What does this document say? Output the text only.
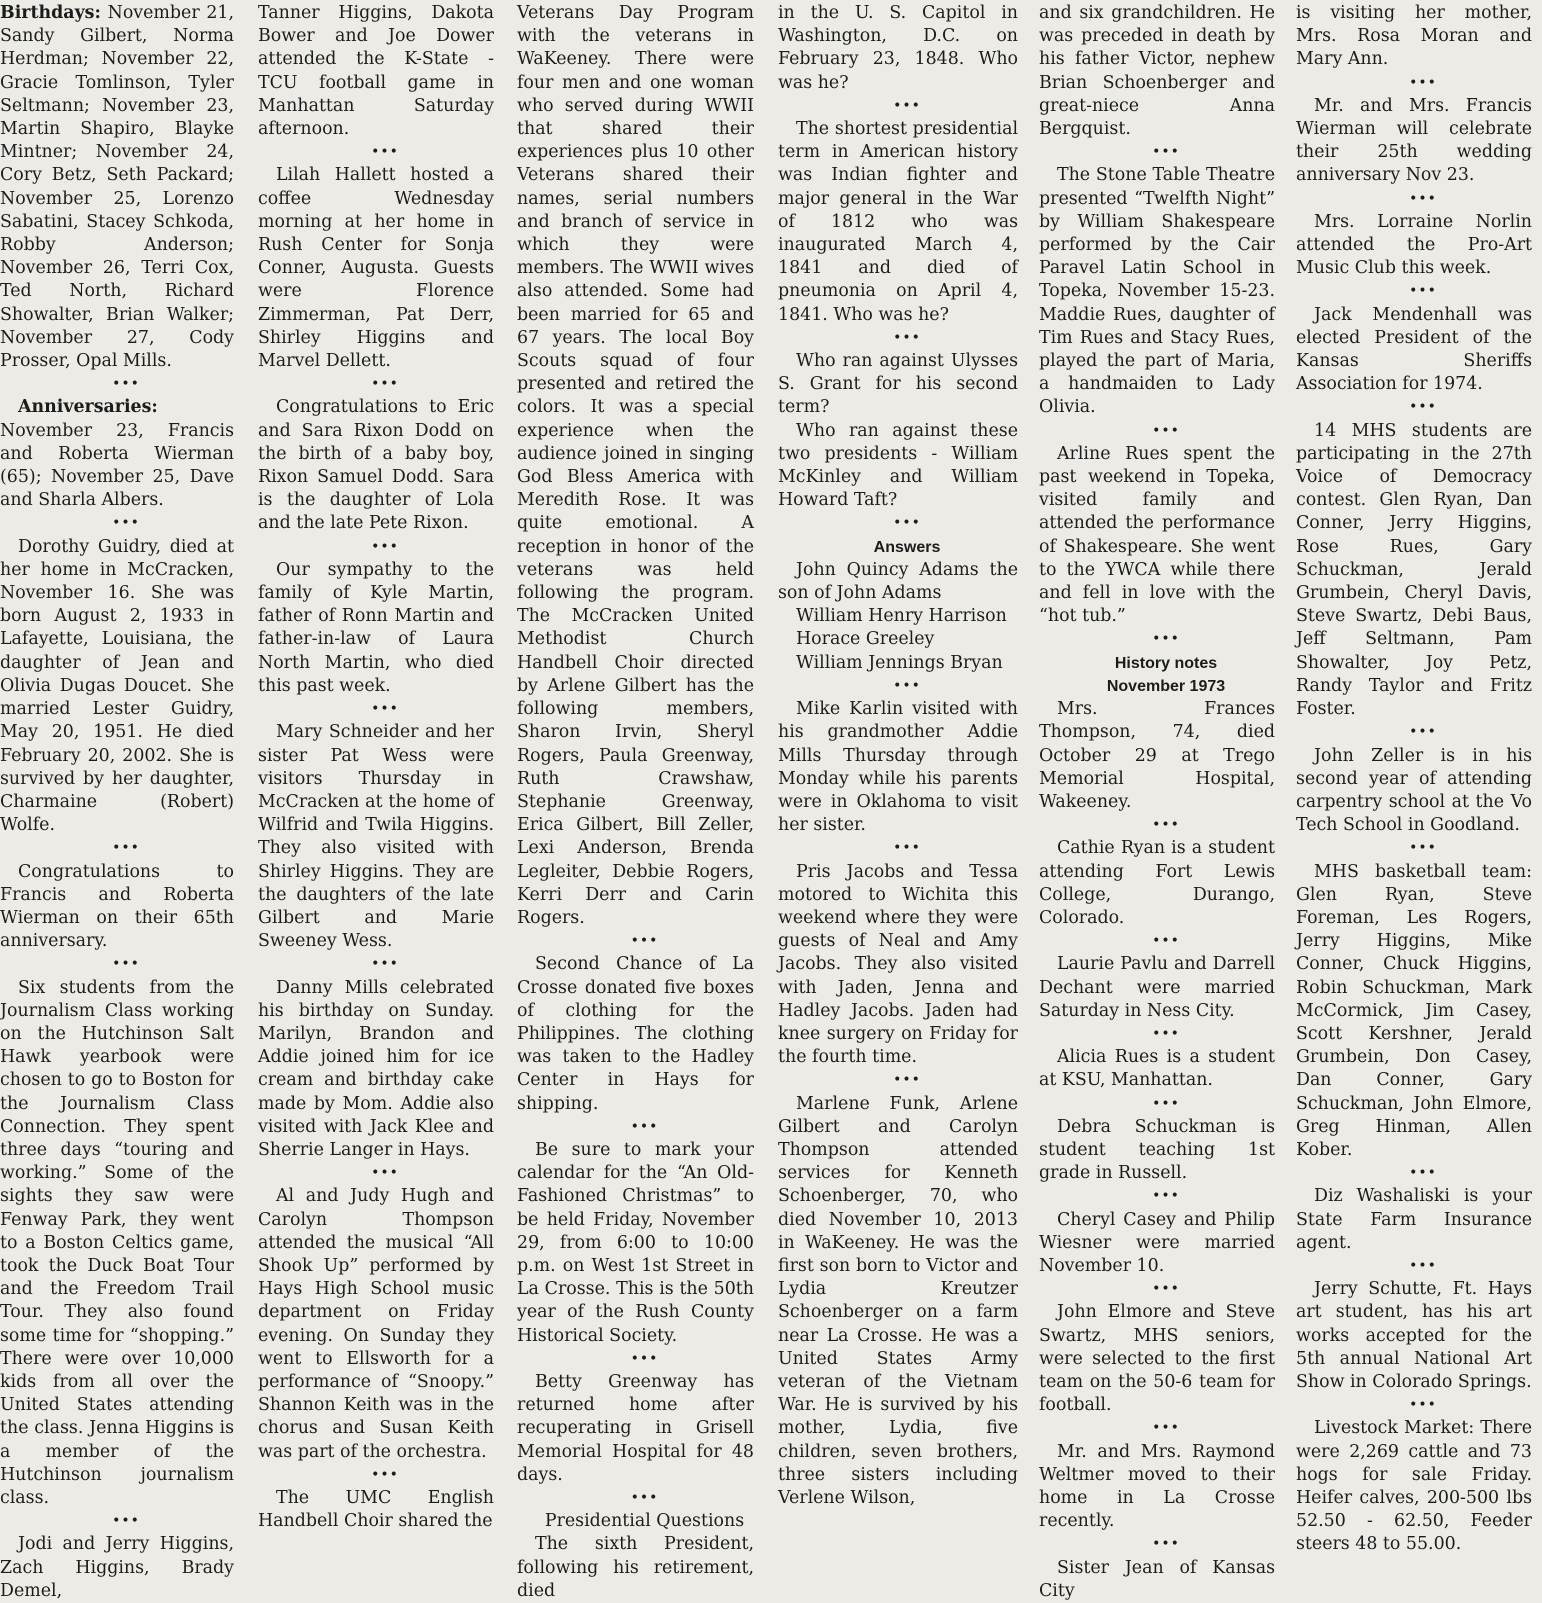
Birthdays: November 21, Sandy Gilbert, Norma Herdman; November 22, Gracie Tomlinson, Tyler Seltmann; November 23, Martin Shapiro, Blayke Mintner; November 24, Cory Betz, Seth Packard; November 25, Lorenzo Sabatini, Stacey Schkoda, Robby Anderson; November 26, Terri Cox, Ted North, Richard Showalter, Brian Walker; November 27, Cody Prosser, Opal Mills.

•••

Anniversaries: November 23, Francis and Roberta Wierman (65); November 25, Dave and Sharla Albers.

•••

Dorothy Guidry, died at her home in McCracken, November 16. She was born August 2, 1933 in Lafayette, Louisiana, the daughter of Jean and Olivia Dugas Doucet. She married Lester Guidry, May 20, 1951. He died February 20, 2002. She is survived by her daughter, Charmaine (Robert) Wolfe.

•••

Congratulations to Francis and Roberta Wierman on their 65th anniversary.

•••

Six students from the Journalism Class working on the Hutchinson Salt Hawk yearbook were chosen to go to Boston for the Journalism Class Connection. They spent three days “touring and working.” Some of the sights they saw were Fenway Park, they went to a Boston Celtics game, took the Duck Boat Tour and the Freedom Trail Tour. They also found some time for “shopping.” There were over 10,000 kids from all over the United States attending the class. Jenna Higgins is a member of the Hutchinson journalism class.

•••

Jodi and Jerry Higgins, Zach Higgins, Brady Demel,

Tanner Higgins, Dakota Bower and Joe Dower attended the K-State - TCU football game in Manhattan Saturday afternoon.

•••

Lilah Hallett hosted a coffee Wednesday morning at her home in Rush Center for Sonja Conner, Augusta. Guests were Florence Zimmerman, Pat Derr, Shirley Higgins and Marvel Dellett.

•••

Congratulations to Eric and Sara Rixon Dodd on the birth of a baby boy, Rixon Samuel Dodd. Sara is the daughter of Lola and the late Pete Rixon.

•••

Our sympathy to the family of Kyle Martin, father of Ronn Martin and father-in-law of Laura North Martin, who died this past week.

•••

Mary Schneider and her sister Pat Wess were visitors Thursday in McCracken at the home of Wilfrid and Twila Higgins. They also visited with Shirley Higgins. They are the daughters of the late Gilbert and Marie Sweeney Wess.

•••

Danny Mills celebrated his birthday on Sunday. Marilyn, Brandon and Addie joined him for ice cream and birthday cake made by Mom. Addie also visited with Jack Klee and Sherrie Langer in Hays.

•••

Al and Judy Hugh and Carolyn Thompson attended the musical “All Shook Up” performed by Hays High School music department on Friday evening. On Sunday they went to Ellsworth for a performance of “Snoopy.” Shannon Keith was in the chorus and Susan Keith was part of the orchestra.

•••

The UMC English Handbell Choir shared the

Veterans Day Program with the veterans in WaKeeney. There were four men and one woman who served during WWII that shared their experiences plus 10 other Veterans shared their names, serial numbers and branch of service in which they were members. The WWII wives also attended. Some had been married for 65 and 67 years. The local Boy Scouts squad of four presented and retired the colors. It was a special experience when the audience joined in singing God Bless America with Meredith Rose. It was quite emotional. A reception in honor of the veterans was held following the program. The McCracken United Methodist Church Handbell Choir directed by Arlene Gilbert has the following members, Sharon Irvin, Sheryl Rogers, Paula Greenway, Ruth Crawshaw, Stephanie Greenway, Erica Gilbert, Bill Zeller, Lexi Anderson, Brenda Legleiter, Debbie Rogers, Kerri Derr and Carin Rogers.

•••

Second Chance of La Crosse donated five boxes of clothing for the Philippines. The clothing was taken to the Hadley Center in Hays for shipping.

•••

Be sure to mark your calendar for the “An Old-Fashioned Christmas” to be held Friday, November 29, from 6:00 to 10:00 p.m. on West 1st Street in La Crosse. This is the 50th year of the Rush County Historical Society.

•••

Betty Greenway has returned home after recuperating in Grisell Memorial Hospital for 48 days.

•••

Presidential Questions

The sixth President, following his retirement, died

in the U. S. Capitol in Washington, D.C. on February 23, 1848. Who was he?

•••

The shortest presidential term in American history was Indian fighter and major general in the War of 1812 who was inaugurated March 4, 1841 and died of pneumonia on April 4, 1841. Who was he?

•••

Who ran against Ulysses S. Grant for his second term?

Who ran against these two presidents - William McKinley and William Howard Taft?

•••

Answers

John Quincy Adams the son of John Adams

William Henry Harrison

Horace Greeley

William Jennings Bryan

•••

Mike Karlin visited with his grandmother Addie Mills Thursday through Monday while his parents were in Oklahoma to visit her sister.

•••

Pris Jacobs and Tessa motored to Wichita this weekend where they were guests of Neal and Amy Jacobs. They also visited with Jaden, Jenna and Hadley Jacobs. Jaden had knee surgery on Friday for the fourth time.

•••

Marlene Funk, Arlene Gilbert and Carolyn Thompson attended services for Kenneth Schoenberger, 70, who died November 10, 2013 in WaKeeney. He was the first son born to Victor and Lydia Kreutzer Schoenberger on a farm near La Crosse. He was a United States Army veteran of the Vietnam War. He is survived by his mother, Lydia, five children, seven brothers, three sisters including Verlene Wilson,

and six grandchildren. He was preceded in death by his father Victor, nephew Brian Schoenberger and great-niece Anna Bergquist.

•••

The Stone Table Theatre presented “Twelfth Night” by William Shakespeare performed by the Cair Paravel Latin School in Topeka, November 15-23. Maddie Rues, daughter of Tim Rues and Stacy Rues, played the part of Maria, a handmaiden to Lady Olivia.

•••

Arline Rues spent the past weekend in Topeka, visited family and attended the performance of Shakespeare. She went to the YWCA while there and fell in love with the “hot tub.”

•••

History notes

November 1973

Mrs. Frances Thompson, 74, died October 29 at Trego Memorial Hospital, Wakeeney.

•••

Cathie Ryan is a student attending Fort Lewis College, Durango, Colorado.

•••

Laurie Pavlu and Darrell Dechant were married Saturday in Ness City.

•••

Alicia Rues is a student at KSU, Manhattan.

•••

Debra Schuckman is student teaching 1st grade in Russell.

•••

Cheryl Casey and Philip Wiesner were married November 10.

•••

John Elmore and Steve Swartz, MHS seniors, were selected to the first team on the 50-6 team for football.

•••

Mr. and Mrs. Raymond Weltmer moved to their home in La Crosse recently.

•••

Sister Jean of Kansas City

is visiting her mother, Mrs. Rosa Moran and Mary Ann.

•••

Mr. and Mrs. Francis Wierman will celebrate their 25th wedding anniversary Nov 23.

•••

Mrs. Lorraine Norlin attended the Pro-Art Music Club this week.

•••

Jack Mendenhall was elected President of the Kansas Sheriffs Association for 1974.

•••

14 MHS students are participating in the 27th Voice of Democracy contest. Glen Ryan, Dan Conner, Jerry Higgins, Rose Rues, Gary Schuckman, Jerald Grumbein, Cheryl Davis, Steve Swartz, Debi Baus, Jeff Seltmann, Pam Showalter, Joy Petz, Randy Taylor and Fritz Foster.

•••

John Zeller is in his second year of attending carpentry school at the Vo Tech School in Goodland.

•••

MHS basketball team: Glen Ryan, Steve Foreman, Les Rogers, Jerry Higgins, Mike Conner, Chuck Higgins, Robin Schuckman, Mark McCormick, Jim Casey, Scott Kershner, Jerald Grumbein, Don Casey, Dan Conner, Gary Schuckman, John Elmore, Greg Hinman, Allen Kober.

•••

Diz Washaliski is your State Farm Insurance agent.

•••

Jerry Schutte, Ft. Hays art student, has his art works accepted for the 5th annual National Art Show in Colorado Springs.

•••

Livestock Market: There were 2,269 cattle and 73 hogs for sale Friday. Heifer calves, 200-500 lbs 52.50 - 62.50, Feeder steers 48 to 55.00.
